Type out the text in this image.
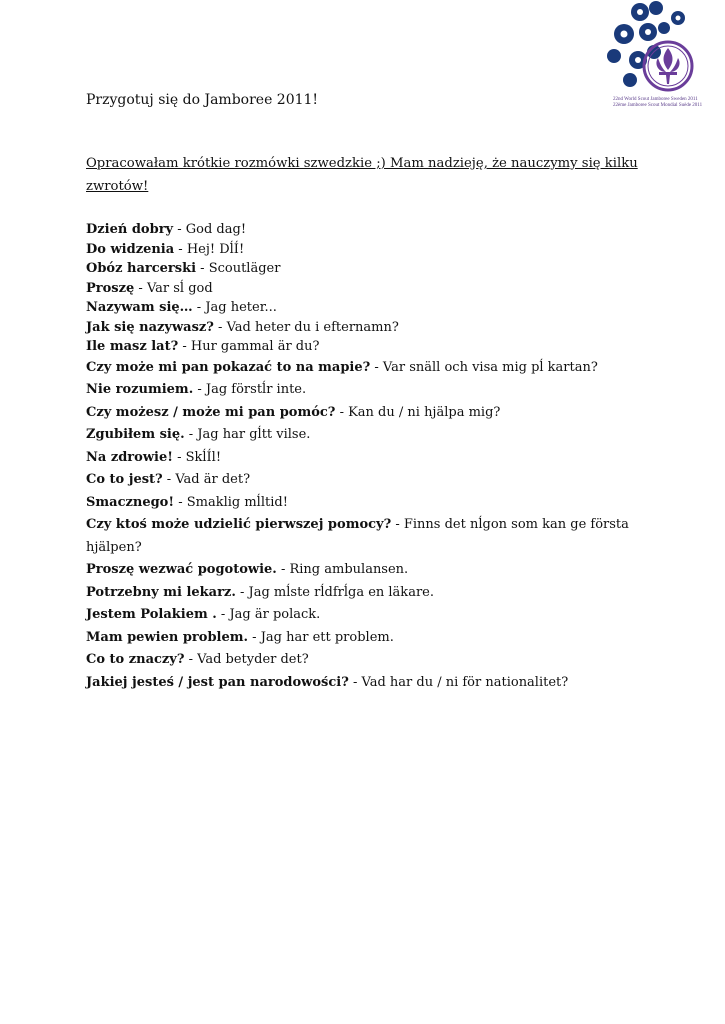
22nd World Scout Jamboree Sweden 2011
22ème Jamboree Scout Mondial Suède 2011
Przygotuj się do Jamboree 2011!
Opracowałam krótkie rozmówki szwedzkie ;) Mam nadzieję, że nauczymy się kilku zwrotów!
Dzień dobry - God dag!
Do widzenia - Hej! DĺÍ!
Obóz harcerski - Scoutläger
Proszę - Var sĺ god
Nazywam się… - Jag heter...
Jak się nazywasz? - Vad heter du i efternamn?
Ile masz lat? - Hur gammal är du?
Czy może mi pan pokazać to na mapie? - Var snäll och visa mig pĺ kartan?
Nie rozumiem. - Jag förstĺr inte.
Czy możesz / może mi pan pomóc? - Kan du / ni hjälpa mig?
Zgubiłem się. - Jag har gĺtt vilse.
Na zdrowie! - SkĺÍl!
Co to jest? - Vad är det?
Smacznego! - Smaklig mĺltid!
Czy ktoś może udzielić pierwszej pomocy? - Finns det nĺgon som kan ge första hjälpen?
Proszę wezwać pogotowie. - Ring ambulansen.
Potrzebny mi lekarz. - Jag mĺste rĺdfrĺga en läkare.
Jestem Polakiem . - Jag är polack.
Mam pewien problem. - Jag har ett problem.
Co to znaczy? - Vad betyder det?
Jakiej jesteś / jest pan narodowości? - Vad har du / ni för nationalitet?
